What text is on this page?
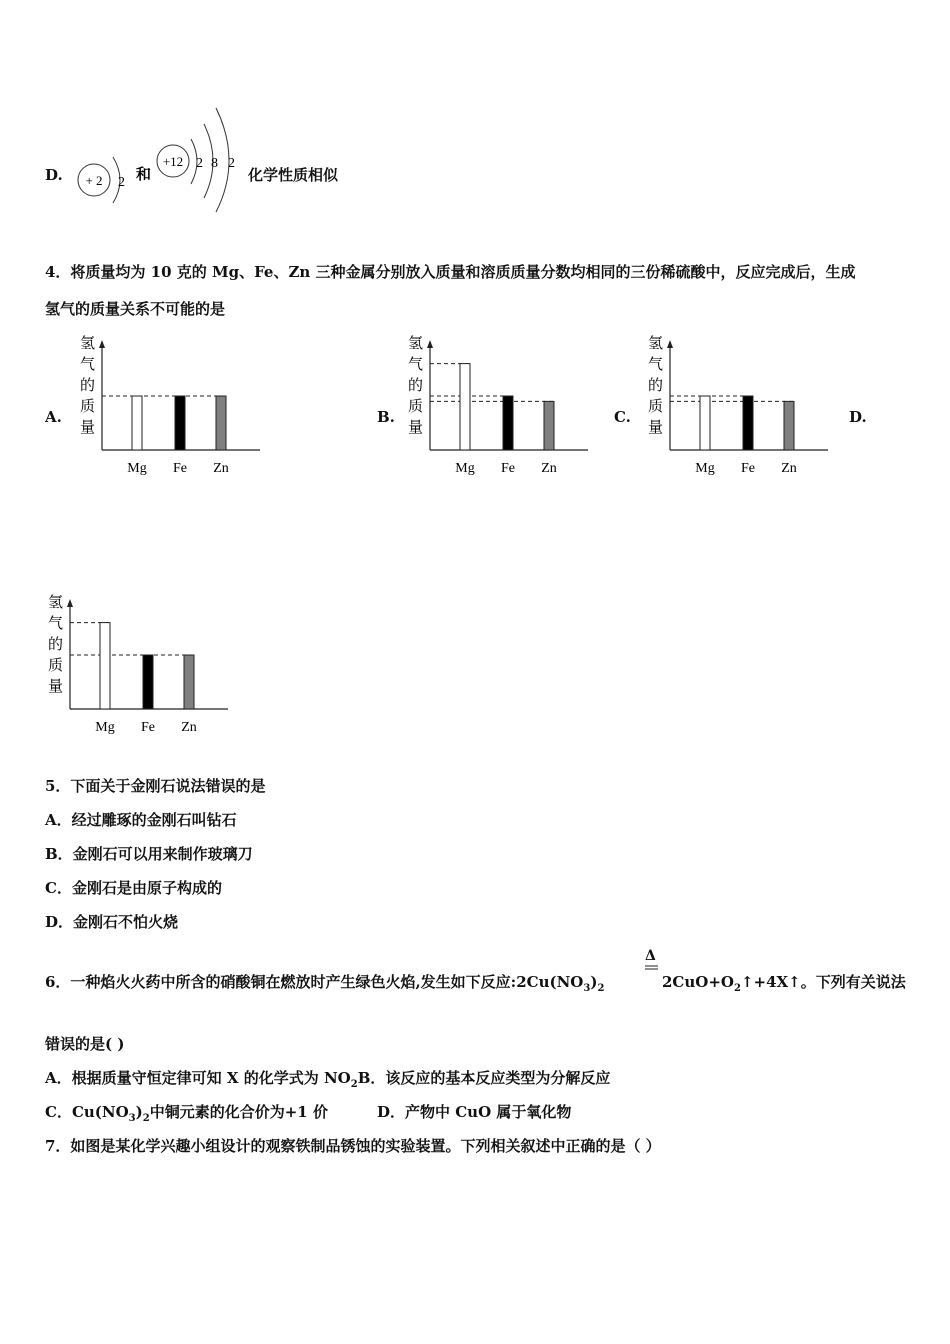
D. + 2 2 和
+12 2 8 2
化学性质相似
4．将质量均为 10 克的 Mg、Fe、Zn 三种金属分别放入质量和溶质质量分数均相同的三份稀硫酸中，反应完成后，生成
氢气的质量关系不可能的是
A.	B.	C.	D.
氢
气
的
质
量
Mg Fe Zn
氢
气
的
质
量
Mg Fe Zn
氢
气
的
质
量
Mg Fe Zn
氢
气
的
质
量
Mg Fe Zn
5．下面关于金刚石说法错误的是
A．经过雕琢的金刚石叫钻石
B．金刚石可以用来制作玻璃刀
C．金刚石是由原子构成的
D．金刚石不怕火烧
6．一种焰火火药中所含的硝酸铜在燃放时产生绿色火焰,发生如下反应$:2Cu(NO_3)_2$
Δ
$2CuO+O_2↑+4X↑$。下列有关说法
错误的是( )
A．根据质量守恒定律可知 X 的化学式为 $NO_2B$．该反应的基本反应类型为分解反应
C．$Cu(NO_3)_2$中铜元素的化合价为+1 价	D．产物中 CuO 属于氧化物
7．如图是某化学兴趣小组设计的观察铁制品锈蚀的实验装置。下列相关叙述中正确的是（ ）
